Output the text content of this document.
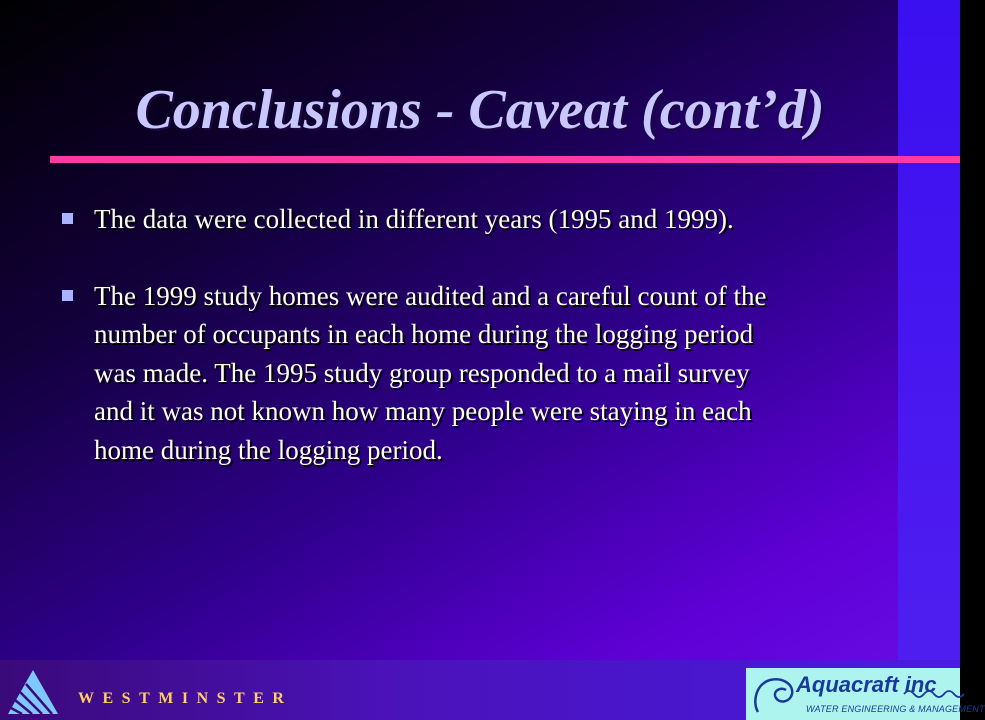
Conclusions - Caveat (cont’d)
The data were collected in different years (1995 and 1999).
The 1999 study homes were audited and a careful count of the number of occupants in each home during the logging period was made. The 1995 study group responded to a mail survey and it was not known how many people were staying in each home during the logging period.
WESTMINSTER
Aquacraft inc
WATER ENGINEERING & MANAGEMENT
